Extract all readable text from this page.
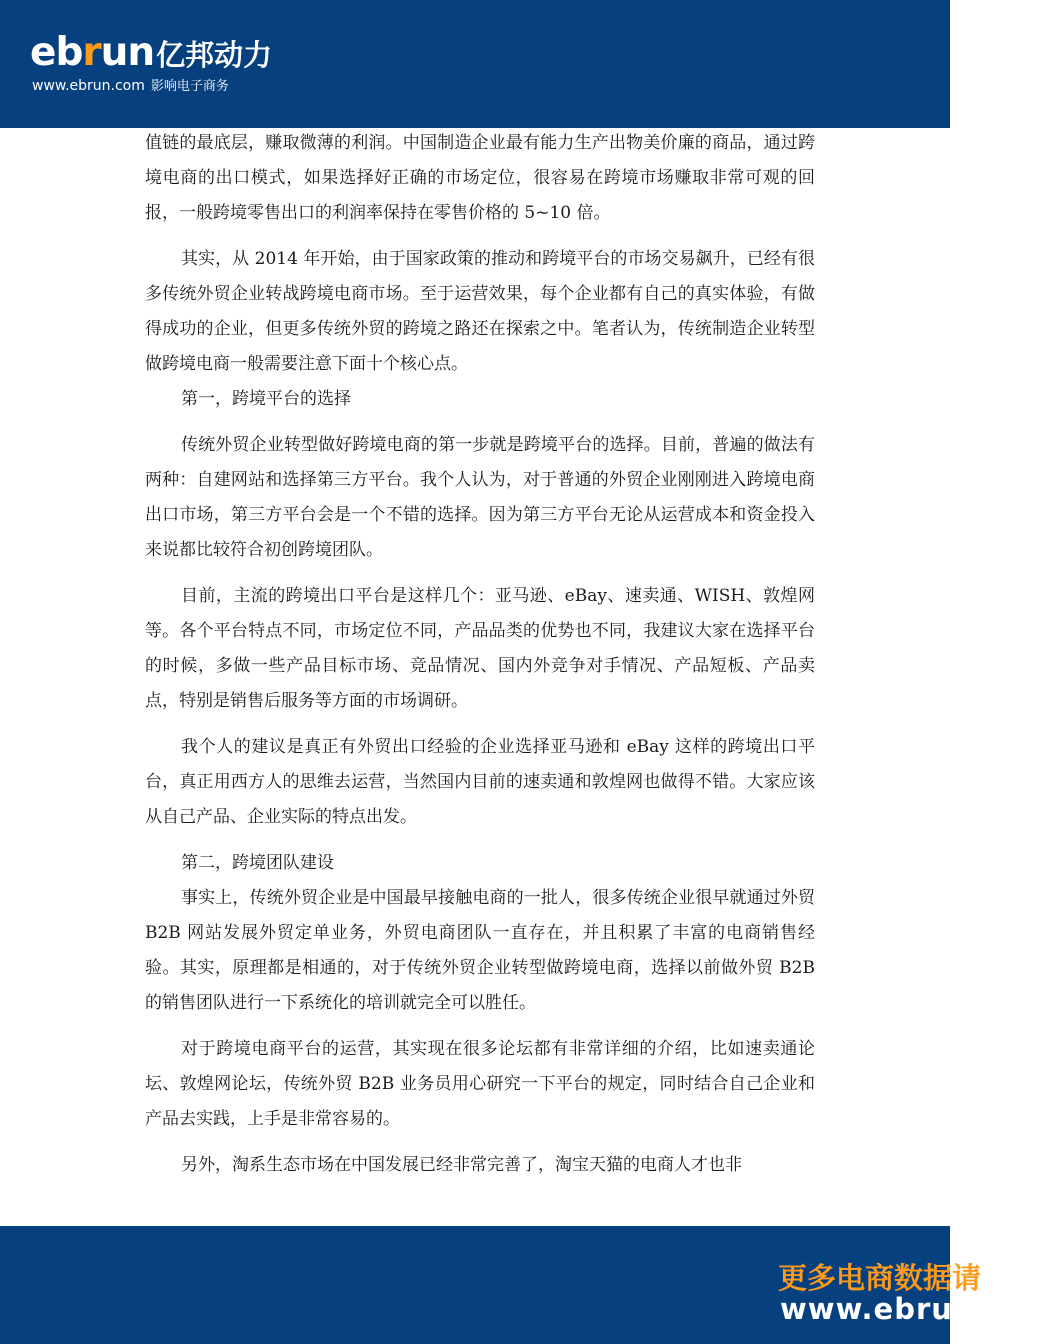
ebrun亿邦动力
www.ebrun.com 影响电子商务

值链的最底层，赚取微薄的利润。中国制造企业最有能力生产出物美价廉的商品，通过跨境电商的出口模式，如果选择好正确的市场定位，很容易在跨境市场赚取非常可观的回报，一般跨境零售出口的利润率保持在零售价格的 5~10 倍。

其实，从 2014 年开始，由于国家政策的推动和跨境平台的市场交易飙升，已经有很多传统外贸企业转战跨境电商市场。至于运营效果，每个企业都有自己的真实体验，有做得成功的企业，但更多传统外贸的跨境之路还在探索之中。笔者认为，传统制造企业转型做跨境电商一般需要注意下面十个核心点。

第一，跨境平台的选择

传统外贸企业转型做好跨境电商的第一步就是跨境平台的选择。目前，普遍的做法有两种：自建网站和选择第三方平台。我个人认为，对于普通的外贸企业刚刚进入跨境电商出口市场，第三方平台会是一个不错的选择。因为第三方平台无论从运营成本和资金投入来说都比较符合初创跨境团队。

目前，主流的跨境出口平台是这样几个：亚马逊、eBay、速卖通、WISH、敦煌网等。各个平台特点不同，市场定位不同，产品品类的优势也不同，我建议大家在选择平台的时候，多做一些产品目标市场、竞品情况、国内外竞争对手情况、产品短板、产品卖点，特别是销售后服务等方面的市场调研。

我个人的建议是真正有外贸出口经验的企业选择亚马逊和 eBay 这样的跨境出口平台，真正用西方人的思维去运营，当然国内目前的速卖通和敦煌网也做得不错。大家应该从自己产品、企业实际的特点出发。

第二，跨境团队建设

事实上，传统外贸企业是中国最早接触电商的一批人，很多传统企业很早就通过外贸 B2B 网站发展外贸定单业务，外贸电商团队一直存在，并且积累了丰富的电商销售经验。其实，原理都是相通的，对于传统外贸企业转型做跨境电商，选择以前做外贸 B2B 的销售团队进行一下系统化的培训就完全可以胜任。

对于跨境电商平台的运营，其实现在很多论坛都有非常详细的介绍，比如速卖通论坛、敦煌网论坛，传统外贸 B2B 业务员用心研究一下平台的规定，同时结合自己企业和产品去实践，上手是非常容易的。

另外，淘系生态市场在中国发展已经非常完善了，淘宝天猫的电商人才也非

更多电商数据请
www.ebrun.com
